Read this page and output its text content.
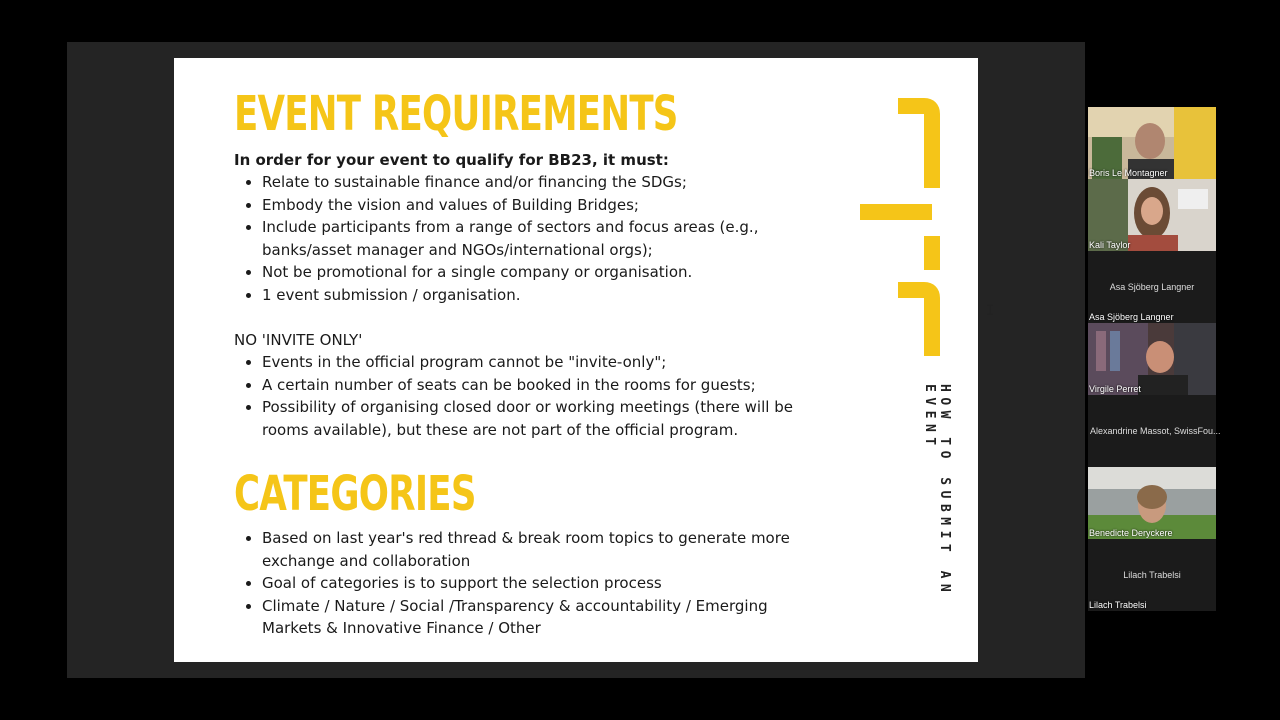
EVENT REQUIREMENTS
In order for your event to qualify for BB23, it must:
Relate to sustainable finance and/or financing the SDGs;
Embody the vision and values of Building Bridges;
Include participants from a range of sectors and focus areas (e.g., banks/asset manager and NGOs/international orgs);
Not be promotional for a single company or organisation.
1 event submission / organisation.
NO 'INVITE ONLY'
Events in the official program cannot be "invite-only";
A certain number of seats can be booked in the rooms for guests;
Possibility of organising closed door or working meetings (there will be rooms available), but these are not part of the official program.
CATEGORIES
Based on last year's red thread & break room topics to generate more exchange and collaboration
Goal of categories is to support the selection process
Climate / Nature / Social /Transparency & accountability / Emerging Markets & Innovative Finance / Other
HOW TO SUBMIT AN EVENT
I
Boris Le Montagner
Kali Taylor
Asa Sjöberg Langner
Asa Sjöberg Langner
Virgile Perret
Alexandrine Massot, SwissFou...
Benedicte Deryckere
Lilach Trabelsi
Lilach Trabelsi
